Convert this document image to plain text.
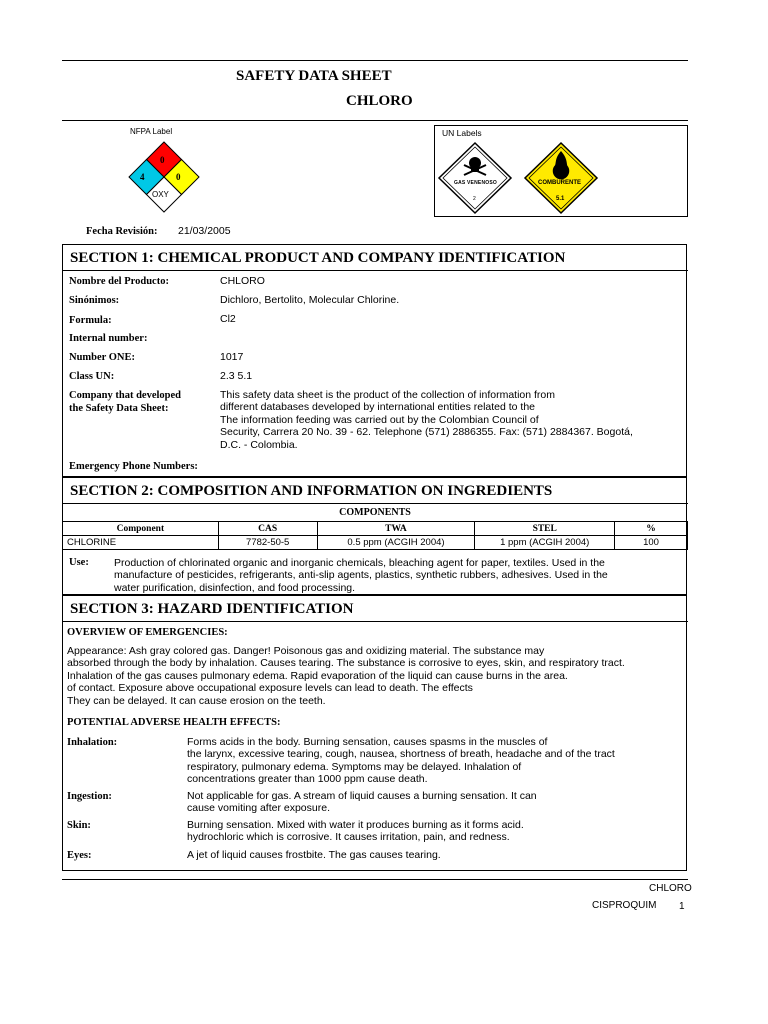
SAFETY DATA SHEET
CHLORO
NFPA Label
0
4	0
OXY
UN Labels
GAS VENENOSO
2
COMBURENTE
5.1
Fecha Revisión: 21/03/2005
SECTION 1: CHEMICAL PRODUCT AND COMPANY IDENTIFICATION
Nombre del Producto:	CHLORO
Sinónimos:	Dichloro, Bertolito, Molecular Chlorine.
Formula:	Cl2
Internal number:
Number ONE:	1017
Class UN:	2.3 5.1
Company that developed
the Safety Data Sheet:
This safety data sheet is the product of the collection of information from
different databases developed by international entities related to the
The information feeding was carried out by the Colombian Council of
Security, Carrera 20 No. 39 - 62. Telephone (571) 2886355. Fax: (571) 2884367. Bogotá,
D.C. - Colombia.
Emergency Phone Numbers:
SECTION 2: COMPOSITION AND INFORMATION ON INGREDIENTS
COMPONENTS
Component	CAS	TWA	STEL	%
CHLORINE	7782-50-5	0.5 ppm (ACGIH 2004)	1 ppm (ACGIH 2004)	100
Use: Production of chlorinated organic and inorganic chemicals, bleaching agent for paper, textiles. Used in the
manufacture of pesticides, refrigerants, anti-slip agents, plastics, synthetic rubbers, adhesives. Used in the
water purification, disinfection, and food processing.
SECTION 3: HAZARD IDENTIFICATION
OVERVIEW OF EMERGENCIES:
Appearance: Ash gray colored gas. Danger! Poisonous gas and oxidizing material. The substance may
absorbed through the body by inhalation. Causes tearing. The substance is corrosive to eyes, skin, and respiratory tract.
Inhalation of the gas causes pulmonary edema. Rapid evaporation of the liquid can cause burns in the area.
of contact. Exposure above occupational exposure levels can lead to death. The effects
They can be delayed. It can cause erosion on the teeth.
POTENTIAL ADVERSE HEALTH EFFECTS:
Inhalation:	Forms acids in the body. Burning sensation, causes spasms in the muscles of
the larynx, excessive tearing, cough, nausea, shortness of breath, headache and of the tract
respiratory, pulmonary edema. Symptoms may be delayed. Inhalation of
concentrations greater than 1000 ppm cause death.
Ingestion:	Not applicable for gas. A stream of liquid causes a burning sensation. It can
cause vomiting after exposure.
Skin:	Burning sensation. Mixed with water it produces burning as it forms acid.
hydrochloric which is corrosive. It causes irritation, pain, and redness.
Eyes:	A jet of liquid causes frostbite. The gas causes tearing.
CHLORO
CISPROQUIM 1
